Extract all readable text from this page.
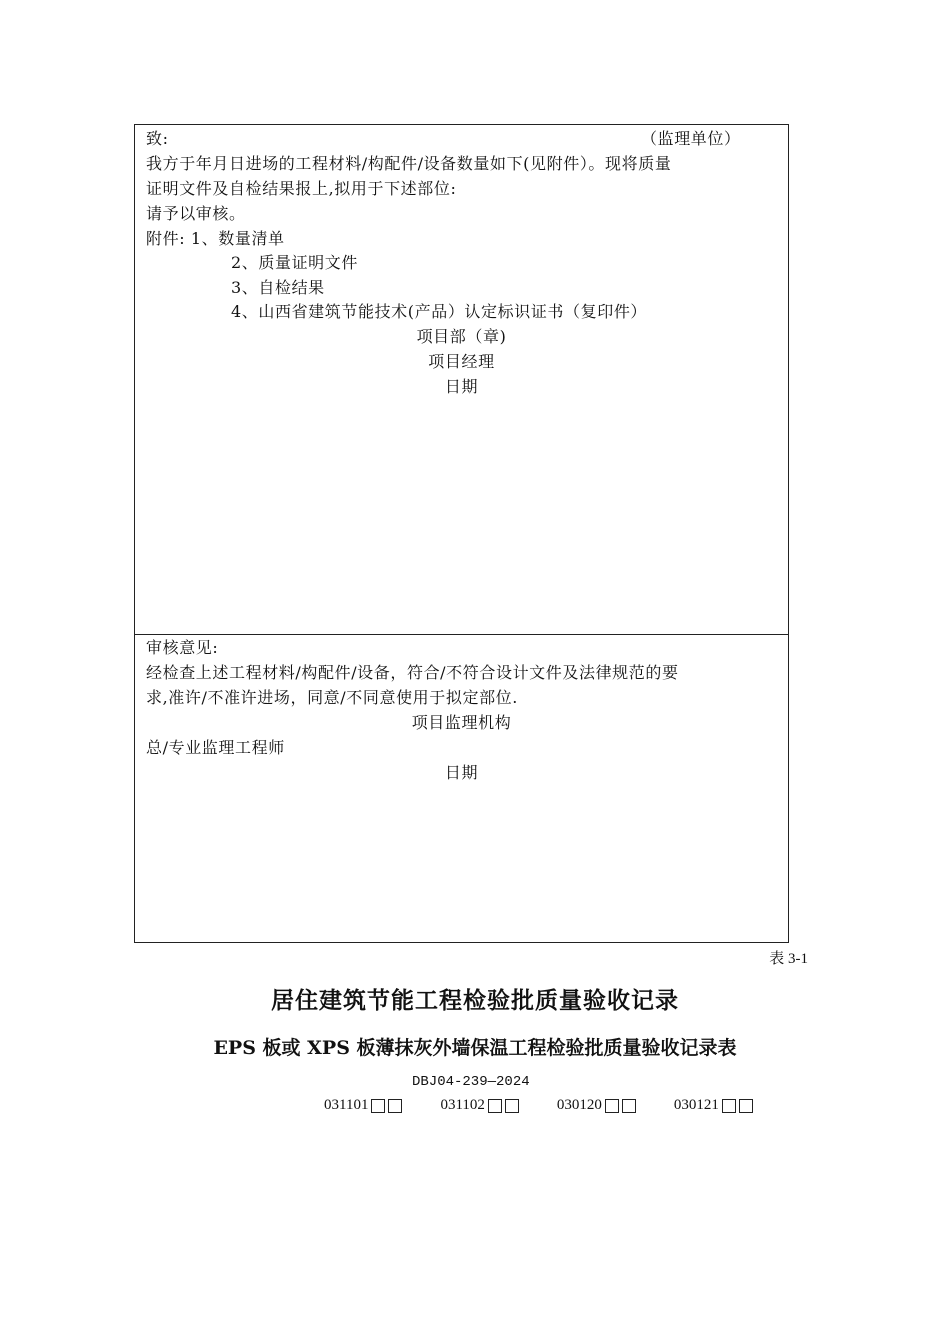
致:	（监理单位）
我方于年月日进场的工程材料/构配件/设备数量如下(见附件）。现将质量
证明文件及自检结果报上,拟用于下述部位:
请予以审核。
附件: 1、数量清单
2、质量证明文件
3、自检结果
4、山西省建筑节能技术(产品）认定标识证书（复印件）
项目部（章)
项目经理
日期
审核意见:
经检查上述工程材料/构配件/设备，符合/不符合设计文件及法律规范的要
求,准许/不准许进场，同意/不同意使用于拟定部位.
项目监理机构
总/专业监理工程师
日期
表 3-1
居住建筑节能工程检验批质量验收记录
EPS 板或 XPS 板薄抹灰外墙保温工程检验批质量验收记录表
DBJ04-239—2024
031101	031102	030120	030121
